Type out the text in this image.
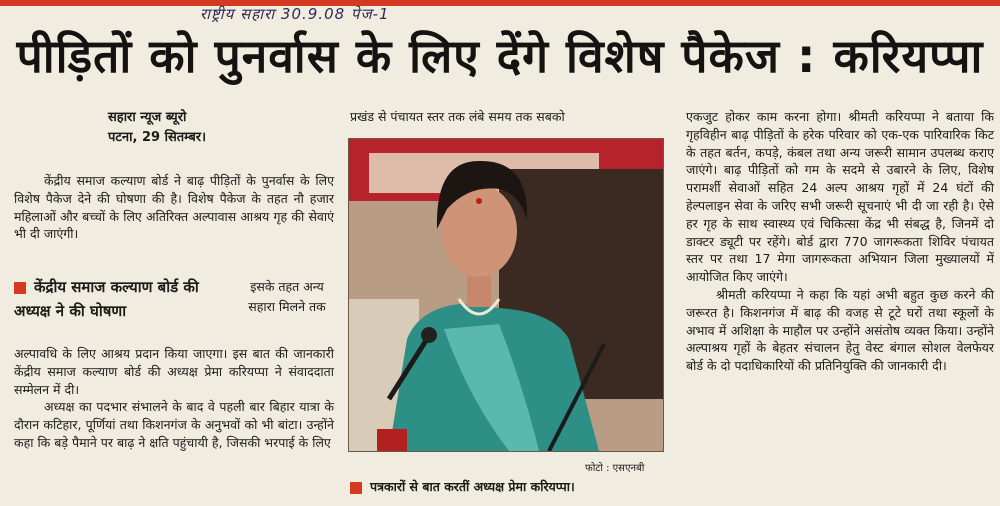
राष्ट्रीय सहारा 30.9.08 पेज-1
पीड़ितों को पुनर्वास के लिए देंगे विशेष पैकेज : करियप्पा
सहारा न्यूज ब्यूरो
पटना, 29 सितम्बर।

केंद्रीय समाज कल्याण बोर्ड ने बाढ़ पीड़ितों के पुनर्वास के लिए विशेष पैकेज देने की घोषणा की है। विशेष पैकेज के तहत नौ हजार महिलाओं और बच्चों के लिए अतिरिक्त अल्पावास आश्रय गृह की सेवाएं भी दी जाएंगी।

केंद्रीय समाज कल्याण बोर्ड की अध्यक्ष ने की घोषणा
इसके तहत अन्य सहारा मिलने तक

अल्पावधि के लिए आश्रय प्रदान किया जाएगा। इस बात की जानकारी केंद्रीय समाज कल्याण बोर्ड की अध्यक्ष प्रेमा करियप्पा ने संवाददाता सम्मेलन में दी।

अध्यक्ष का पदभार संभालने के बाद वे पहली बार बिहार यात्रा के दौरान कटिहार, पूर्णियां तथा किशनगंज के अनुभवों को भी बांटा। उन्होंने कहा कि बड़े पैमाने पर बाढ़ ने क्षति पहुंचायी है, जिसकी भरपाई के लिए

प्रखंड से पंचायत स्तर तक लंबे समय तक सबको
फोटो : एसएनबी
पत्रकारों से बात करतीं अध्यक्ष प्रेमा करियप्पा।

एकजुट होकर काम करना होगा। श्रीमती करियप्पा ने बताया कि गृहविहीन बाढ़ पीड़ितों के हरेक परिवार को एक-एक पारिवारिक किट के तहत बर्तन, कपड़े, कंबल तथा अन्य जरूरी सामान उपलब्ध कराए जाएंगे। बाढ़ पीड़ितों को गम के सदमे से उबारने के लिए, विशेष परामर्शी सेवाओं सहित 24 अल्प आश्रय गृहों में 24 घंटों की हेल्पलाइन सेवा के जरिए सभी जरूरी सूचनाएं भी दी जा रही है। ऐसे हर गृह के साथ स्वास्थ्य एवं चिकित्सा केंद्र भी संबद्ध है, जिनमें दो डाक्टर ड्यूटी पर रहेंगे। बोर्ड द्वारा 770 जागरूकता शिविर पंचायत स्तर पर तथा 17 मेगा जागरूकता अभियान जिला मुख्यालयों में आयोजित किए जाएंगे।

श्रीमती करियप्पा ने कहा कि यहां अभी बहुत कुछ करने की जरूरत है। किशनगंज में बाढ़ की वजह से टूटे घरों तथा स्कूलों के अभाव में अशिक्षा के माहौल पर उन्होंने असंतोष व्यक्त किया। उन्होंने अल्पाश्रय गृहों के बेहतर संचालन हेतु वेस्ट बंगाल सोशल वेलफेयर बोर्ड के दो पदाधिकारियों की प्रतिनियुक्ति की जानकारी दी।
